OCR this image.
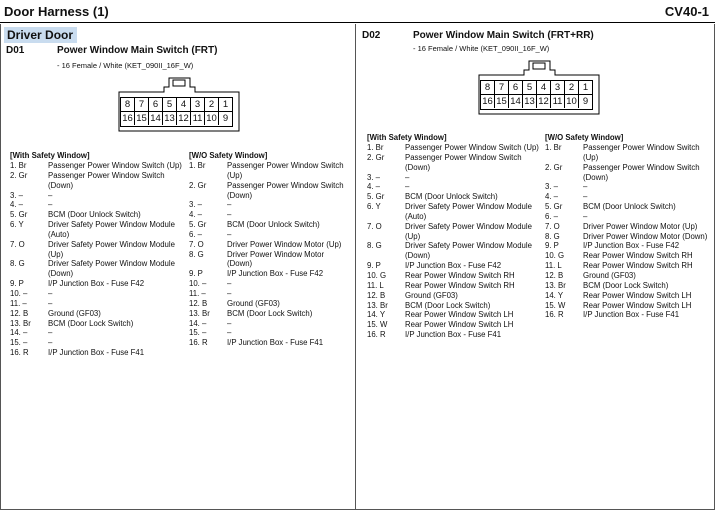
Door Harness (1)	CV40-1
Driver Door
D01	Power Window Main Switch (FRT)
- 16 Female / White (KET_090II_16F_W)
8 7 6 5 4 3 2 1
16 15 14 13 12 11 10 9
[With Safety Window]
1. Br	Passenger Power Window Switch (Up)
2. Gr	Passenger Power Window Switch (Down)
3. –	–
4. –	–
5. Gr	BCM (Door Unlock Switch)
6. Y	Driver Safety Power Window Module (Auto)
7. O	Driver Safety Power Window Module (Up)
8. G	Driver Safety Power Window Module (Down)
9. P	I/P Junction Box - Fuse F42
10. –	–
11. –	–
12. B	Ground (GF03)
13. Br	BCM (Door Lock Switch)
14. –	–
15. –	–
16. R	I/P Junction Box - Fuse F41
[W/O Safety Window]
1. Br	Passenger Power Window Switch (Up)
2. Gr	Passenger Power Window Switch (Down)
3. –	–
4. –	–
5. Gr	BCM (Door Unlock Switch)
6. –	–
7. O	Driver Power Window Motor (Up)
8. G	Driver Power Window Motor (Down)
9. P	I/P Junction Box - Fuse F42
10. –	–
11. –	–
12. B	Ground (GF03)
13. Br	BCM (Door Lock Switch)
14. –	–
15. –	–
16. R	I/P Junction Box - Fuse F41
D02	Power Window Main Switch (FRT+RR)
- 16 Female / White (KET_090II_16F_W)
8 7 6 5 4 3 2 1
16 15 14 13 12 11 10 9
[With Safety Window]
1. Br	Passenger Power Window Switch (Up)
2. Gr	Passenger Power Window Switch (Down)
3. –	–
4. –	–
5. Gr	BCM (Door Unlock Switch)
6. Y	Driver Safety Power Window Module (Auto)
7. O	Driver Safety Power Window Module (Up)
8. G	Driver Safety Power Window Module (Down)
9. P	I/P Junction Box - Fuse F42
10. G	Rear Power Window Switch RH
11. L	Rear Power Window Switch RH
12. B	Ground (GF03)
13. Br	BCM (Door Lock Switch)
14. Y	Rear Power Window Switch LH
15. W	Rear Power Window Switch LH
16. R	I/P Junction Box - Fuse F41
[W/O Safety Window]
1. Br	Passenger Power Window Switch (Up)
2. Gr	Passenger Power Window Switch (Down)
3. –	–
4. –	–
5. Gr	BCM (Door Unlock Switch)
6. –	–
7. O	Driver Power Window Motor (Up)
8. G	Driver Power Window Motor (Down)
9. P	I/P Junction Box - Fuse F42
10. G	Rear Power Window Switch RH
11. L	Rear Power Window Switch RH
12. B	Ground (GF03)
13. Br	BCM (Door Lock Switch)
14. Y	Rear Power Window Switch LH
15. W	Rear Power Window Switch LH
16. R	I/P Junction Box - Fuse F41
